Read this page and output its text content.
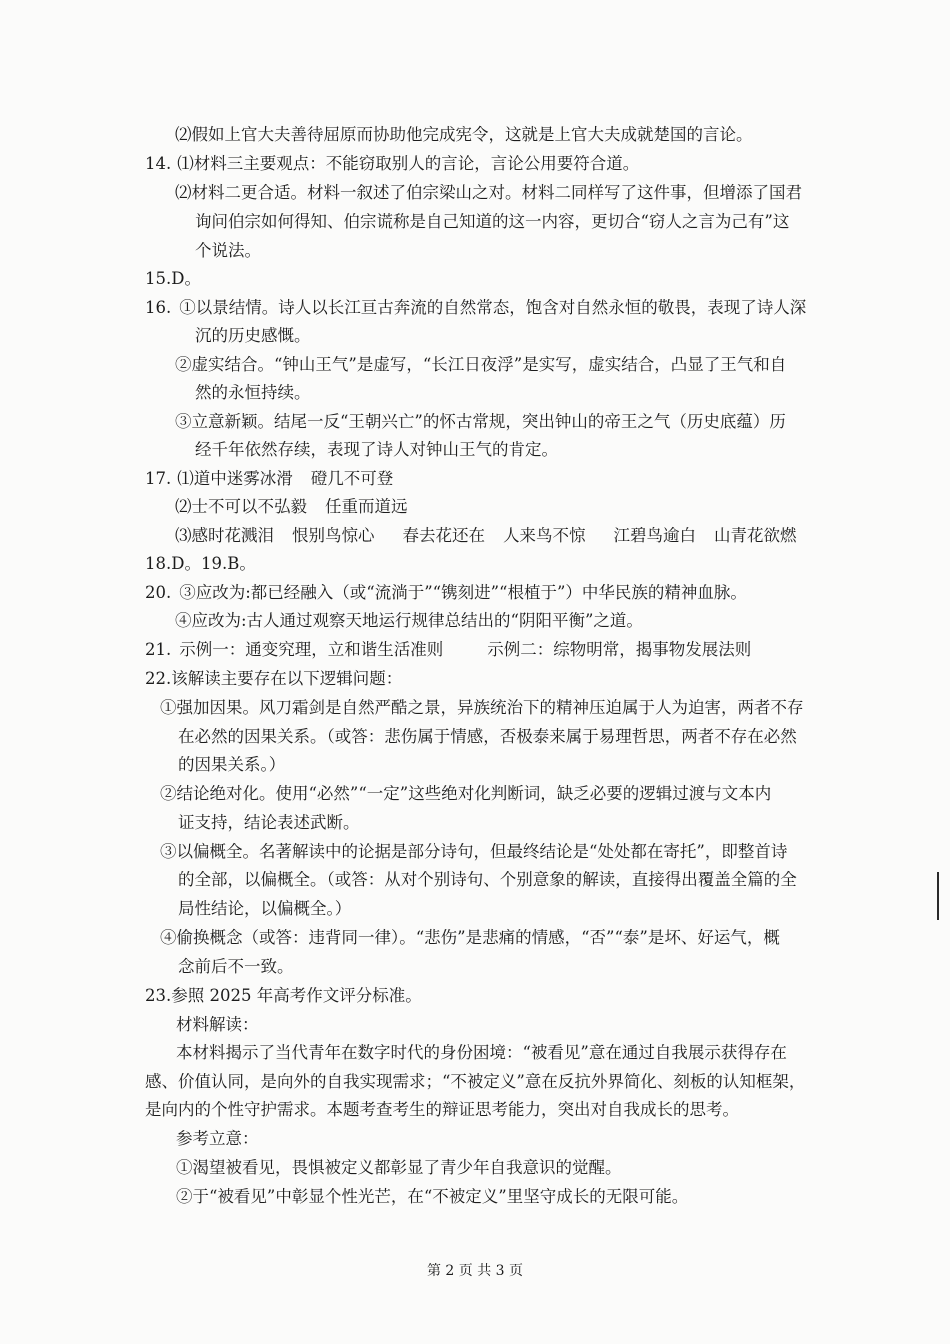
⑵假如上官大夫善待屈原而协助他完成宪令，这就是上官大夫成就楚国的言论。
14. ⑴材料三主要观点：不能窃取别人的言论，言论公用要符合道。
⑵材料二更合适。材料一叙述了伯宗梁山之对。材料二同样写了这件事，但增添了国君
询问伯宗如何得知、伯宗谎称是自己知道的这一内容，更切合“窃人之言为己有”这
个说法。
15.D。
16. ①以景结情。诗人以长江亘古奔流的自然常态，饱含对自然永恒的敬畏，表现了诗人深
沉的历史感慨。
②虚实结合。“钟山王气”是虚写，“长江日夜浮”是实写，虚实结合，凸显了王气和自
然的永恒持续。
③立意新颖。结尾一反“王朝兴亡”的怀古常规，突出钟山的帝王之气（历史底蕴）历
经千年依然存续，表现了诗人对钟山王气的肯定。
17. ⑴道中迷雾冰滑 磴几不可登
⑵士不可以不弘毅 任重而道远
⑶感时花溅泪 恨别鸟惊心 春去花还在 人来鸟不惊 江碧鸟逾白 山青花欲燃
18.D。19.B。
20. ③应改为:都已经融入（或“流淌于”“镌刻进”“根植于”）中华民族的精神血脉。
④应改为:古人通过观察天地运行规律总结出的“阴阳平衡”之道。
21. 示例一：通变究理，立和谐生活准则	示例二：综物明常，揭事物发展法则
22.该解读主要存在以下逻辑问题：
①强加因果。风刀霜剑是自然严酷之景，异族统治下的精神压迫属于人为迫害，两者不存
在必然的因果关系。（或答：悲伤属于情感，否极泰来属于易理哲思，两者不存在必然
的因果关系。）
②结论绝对化。使用“必然”“一定”这些绝对化判断词，缺乏必要的逻辑过渡与文本内
证支持，结论表述武断。
③以偏概全。名著解读中的论据是部分诗句，但最终结论是“处处都在寄托”，即整首诗
的全部，以偏概全。（或答：从对个别诗句、个别意象的解读，直接得出覆盖全篇的全
局性结论，以偏概全。）
④偷换概念（或答：违背同一律）。“悲伤”是悲痛的情感，“否”“泰”是坏、好运气，概
念前后不一致。
23.参照 2025 年高考作文评分标准。
材料解读：
本材料揭示了当代青年在数字时代的身份困境：“被看见”意在通过自我展示获得存在
感、价值认同，是向外的自我实现需求；“不被定义”意在反抗外界简化、刻板的认知框架，
是向内的个性守护需求。本题考查考生的辩证思考能力，突出对自我成长的思考。
参考立意：
①渴望被看见，畏惧被定义都彰显了青少年自我意识的觉醒。
②于“被看见”中彰显个性光芒，在“不被定义”里坚守成长的无限可能。
第 2 页 共 3 页
